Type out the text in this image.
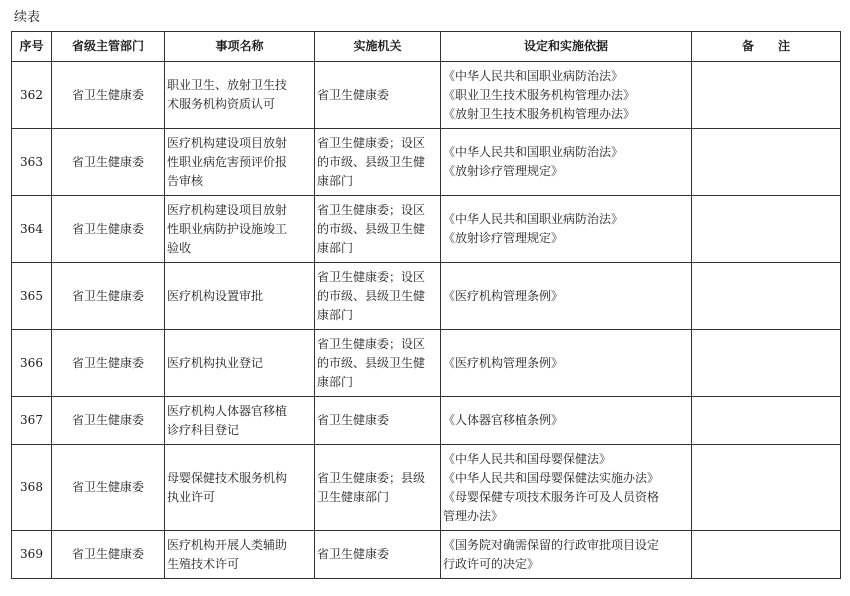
续表
序号	省级主管部门	事项名称	实施机关	设定和实施依据	备　　注
362	省卫生健康委	职业卫生、放射卫生技
术服务机构资质认可	省卫生健康委	《中华人民共和国职业病防治法》
《职业卫生技术服务机构管理办法》
《放射卫生技术服务机构管理办法》	

363	省卫生健康委	医疗机构建设项目放射
性职业病危害预评价报
告审核	省卫生健康委；设区
的市级、县级卫生健
康部门	《中华人民共和国职业病防治法》
《放射诊疗管理规定》	

364	省卫生健康委	医疗机构建设项目放射
性职业病防护设施竣工
验收	省卫生健康委；设区
的市级、县级卫生健
康部门	《中华人民共和国职业病防治法》
《放射诊疗管理规定》	

365	省卫生健康委	医疗机构设置审批	省卫生健康委；设区
的市级、县级卫生健
康部门	《医疗机构管理条例》	

366	省卫生健康委	医疗机构执业登记	省卫生健康委；设区
的市级、县级卫生健
康部门	《医疗机构管理条例》	

367	省卫生健康委	医疗机构人体器官移植
诊疗科目登记	省卫生健康委	《人体器官移植条例》	

368	省卫生健康委	母婴保健技术服务机构
执业许可	省卫生健康委；县级
卫生健康部门	《中华人民共和国母婴保健法》
《中华人民共和国母婴保健法实施办法》
《母婴保健专项技术服务许可及人员资格
管理办法》	

369	省卫生健康委	医疗机构开展人类辅助
生殖技术许可	省卫生健康委	《国务院对确需保留的行政审批项目设定
行政许可的决定》	
